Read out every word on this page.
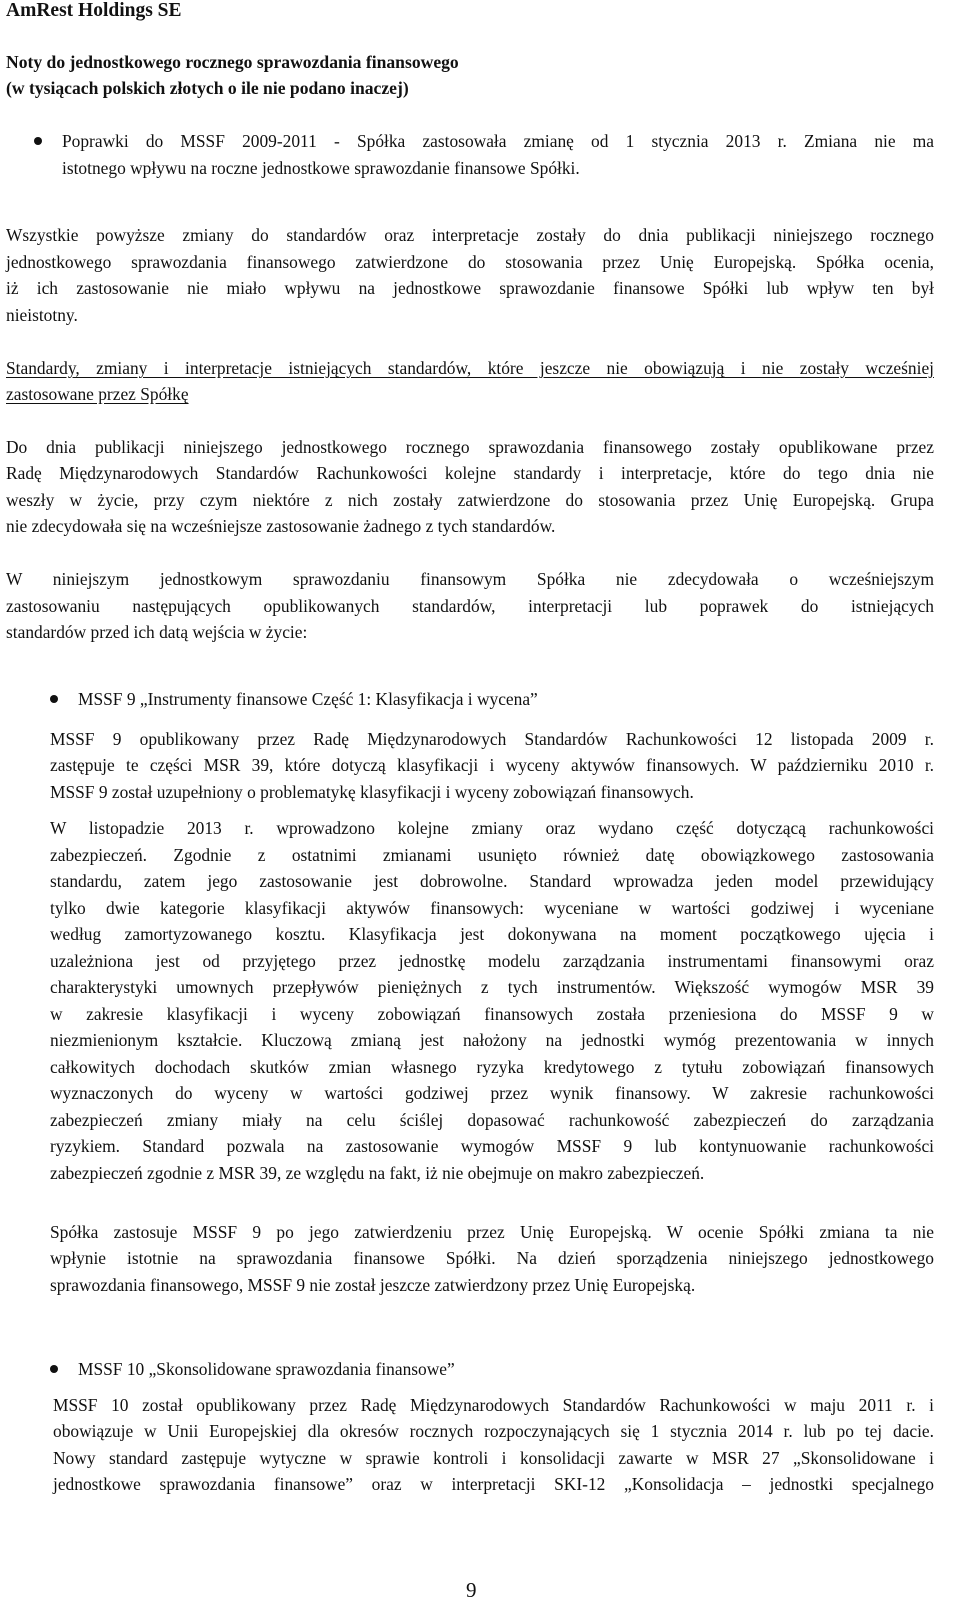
AmRest Holdings SE
Noty do jednostkowego rocznego sprawozdania finansowego
(w tysiącach polskich złotych o ile nie podano inaczej)
Poprawki do MSSF 2009-2011 - Spółka zastosowała zmianę od 1 stycznia 2013 r. Zmiana nie ma
istotnego wpływu na roczne jednostkowe sprawozdanie finansowe Spółki.
Wszystkie powyższe zmiany do standardów oraz interpretacje zostały do dnia publikacji niniejszego rocznego
jednostkowego sprawozdania finansowego zatwierdzone do stosowania przez Unię Europejską. Spółka ocenia,
iż ich zastosowanie nie miało wpływu na jednostkowe sprawozdanie finansowe Spółki lub wpływ ten był
nieistotny.
Standardy, zmiany i interpretacje istniejących standardów, które jeszcze nie obowiązują i nie zostały wcześniej
zastosowane przez Spółkę
Do dnia publikacji niniejszego jednostkowego rocznego sprawozdania finansowego zostały opublikowane przez
Radę Międzynarodowych Standardów Rachunkowości kolejne standardy i interpretacje, które do tego dnia nie
weszły w życie, przy czym niektóre z nich zostały zatwierdzone do stosowania przez Unię Europejską. Grupa
nie zdecydowała się na wcześniejsze zastosowanie żadnego z tych standardów.
W niniejszym jednostkowym sprawozdaniu finansowym Spółka nie zdecydowała o wcześniejszym
zastosowaniu następujących opublikowanych standardów, interpretacji lub poprawek do istniejących
standardów przed ich datą wejścia w życie:
MSSF 9 „Instrumenty finansowe Część 1: Klasyfikacja i wycena”
MSSF 9 opublikowany przez Radę Międzynarodowych Standardów Rachunkowości 12 listopada 2009 r.
zastępuje te części MSR 39, które dotyczą klasyfikacji i wyceny aktywów finansowych. W październiku 2010 r.
MSSF 9 został uzupełniony o problematykę klasyfikacji i wyceny zobowiązań finansowych.
W listopadzie 2013 r. wprowadzono kolejne zmiany oraz wydano część dotyczącą rachunkowości
zabezpieczeń. Zgodnie z ostatnimi zmianami usunięto również datę obowiązkowego zastosowania
standardu, zatem jego zastosowanie jest dobrowolne. Standard wprowadza jeden model przewidujący
tylko dwie kategorie klasyfikacji aktywów finansowych: wyceniane w wartości godziwej i wyceniane
według zamortyzowanego kosztu. Klasyfikacja jest dokonywana na moment początkowego ujęcia i
uzależniona jest od przyjętego przez jednostkę modelu zarządzania instrumentami finansowymi oraz
charakterystyki umownych przepływów pieniężnych z tych instrumentów. Większość wymogów MSR 39
w zakresie klasyfikacji i wyceny zobowiązań finansowych została przeniesiona do MSSF 9 w
niezmienionym kształcie. Kluczową zmianą jest nałożony na jednostki wymóg prezentowania w innych
całkowitych dochodach skutków zmian własnego ryzyka kredytowego z tytułu zobowiązań finansowych
wyznaczonych do wyceny w wartości godziwej przez wynik finansowy. W zakresie rachunkowości
zabezpieczeń zmiany miały na celu ściślej dopasować rachunkowość zabezpieczeń do zarządzania
ryzykiem. Standard pozwala na zastosowanie wymogów MSSF 9 lub kontynuowanie rachunkowości
zabezpieczeń zgodnie z MSR 39, ze względu na fakt, iż nie obejmuje on makro zabezpieczeń.
Spółka zastosuje MSSF 9 po jego zatwierdzeniu przez Unię Europejską. W ocenie Spółki zmiana ta nie
wpłynie istotnie na sprawozdania finansowe Spółki. Na dzień sporządzenia niniejszego jednostkowego
sprawozdania finansowego, MSSF 9 nie został jeszcze zatwierdzony przez Unię Europejską.
MSSF 10 „Skonsolidowane sprawozdania finansowe”
MSSF 10 został opublikowany przez Radę Międzynarodowych Standardów Rachunkowości w maju 2011 r. i
obowiązuje w Unii Europejskiej dla okresów rocznych rozpoczynających się 1 stycznia 2014 r. lub po tej dacie.
Nowy standard zastępuje wytyczne w sprawie kontroli i konsolidacji zawarte w MSR 27 „Skonsolidowane i
jednostkowe sprawozdania finansowe” oraz w interpretacji SKI-12 „Konsolidacja – jednostki specjalnego
9
